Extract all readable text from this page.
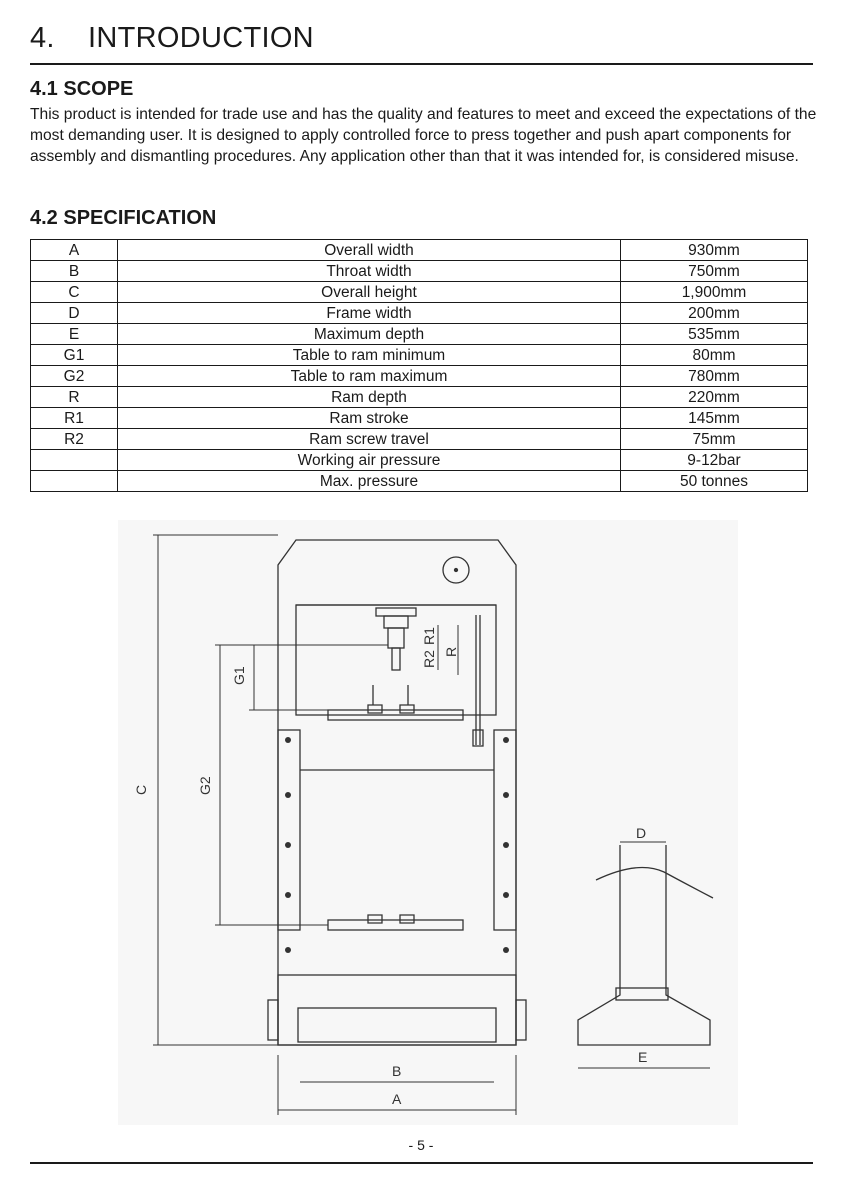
4. INTRODUCTION
4.1 SCOPE
This product is intended for trade use and has the quality and features to meet and exceed the expectations of the most demanding user. It is designed to apply controlled force to press together and push apart components for assembly and dismantling procedures. Any application other than that it was intended for, is considered misuse.
4.2 SPECIFICATION
A	Overall width	930mm
B	Throat width	750mm
C	Overall height	1,900mm
D	Frame width	200mm
E	Maximum depth	535mm
G1	Table to ram minimum	80mm
G2	Table to ram maximum	780mm
R	Ram depth	220mm
R1	Ram stroke	145mm
R2	Ram screw travel	75mm
	Working air pressure	9-12bar
	Max. pressure	50 tonnes
C	G2
G1
R1
R2 R
B
A
D
E
- 5 -
